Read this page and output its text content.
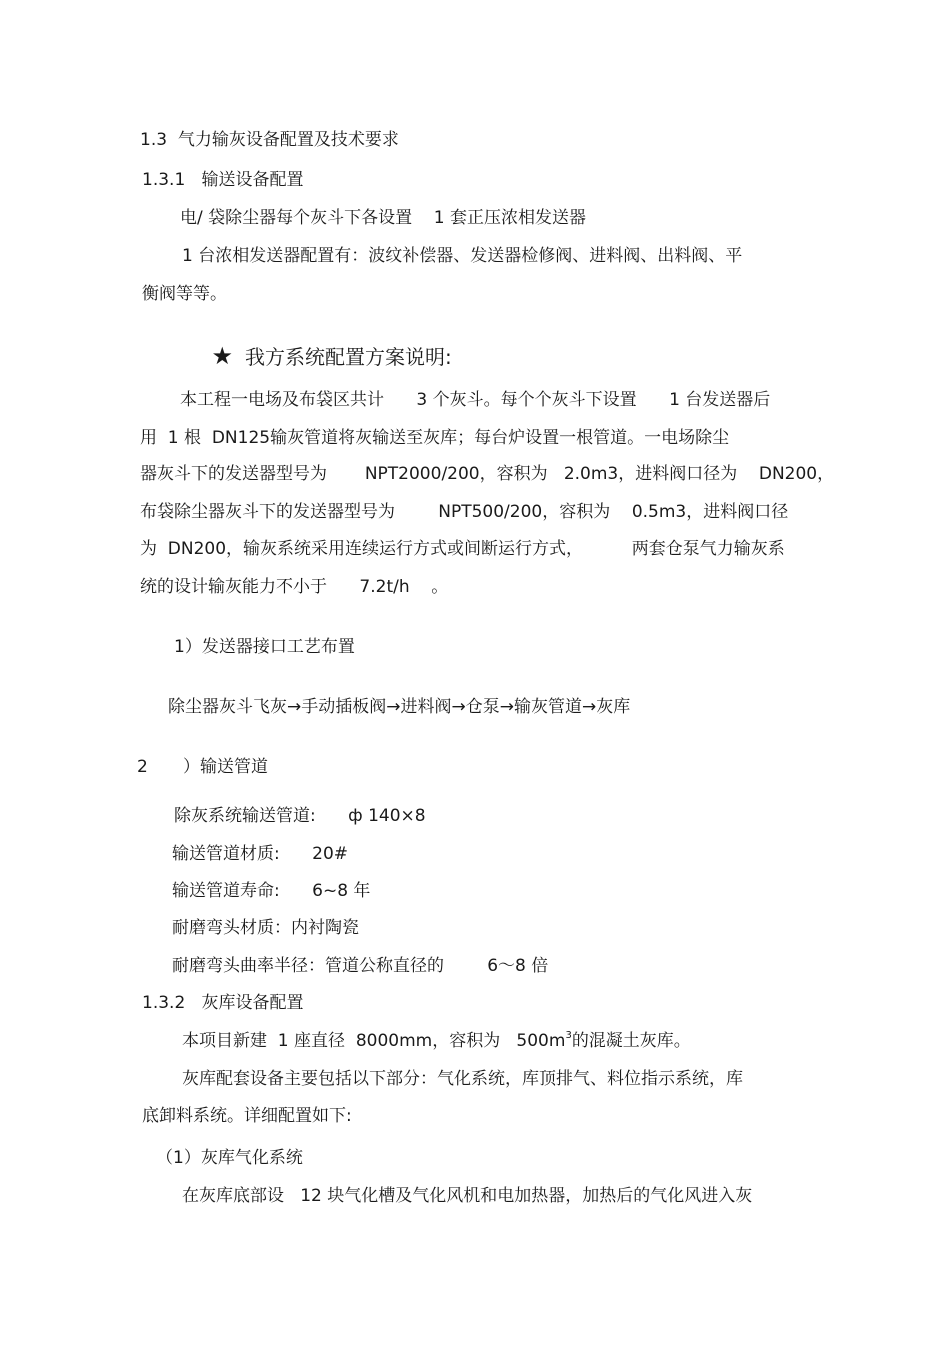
1.3  气力输灰设备配置及技术要求
1.3.1   输送设备配置
电/ 袋除尘器每个灰斗下各设置    1 套正压浓相发送器
1 台浓相发送器配置有：波纹补偿器、发送器检修阀、进料阀、出料阀、平
衡阀等等。

★ 我方系统配置方案说明:

本工程一电场及布袋区共计      3 个灰斗。每个个灰斗下设置      1 台发送器后
用  1 根  DN125输灰管道将灰输送至灰库；每台炉设置一根管道。一电场除尘
器灰斗下的发送器型号为       NPT2000/200，容积为   2.0m3，进料阀口径为    DN200，
布袋除尘器灰斗下的发送器型号为        NPT500/200，容积为    0.5m3，进料阀口径
为  DN200，输灰系统采用连续运行方式或间断运行方式，         两套仓泵气力输灰系
统的设计输灰能力不小于      7.2t/h    。
1）发送器接口工艺布置
除尘器灰斗飞灰→手动插板阀→进料阀→仓泵→输灰管道→灰库
2 ）输送管道
除灰系统输送管道:      ф 140×8
输送管道材质:      20#
输送管道寿命:      6~8 年
耐磨弯头材质：内衬陶瓷
耐磨弯头曲率半径：管道公称直径的        6～8 倍
1.3.2   灰库设备配置
本项目新建  1 座直径  8000mm，容积为   $500m^3$的混凝土灰库。
灰库配套设备主要包括以下部分：气化系统，库顶排气、料位指示系统，库
底卸料系统。详细配置如下:
（1）灰库气化系统
在灰库底部设   12 块气化槽及气化风机和电加热器，加热后的气化风进入灰
